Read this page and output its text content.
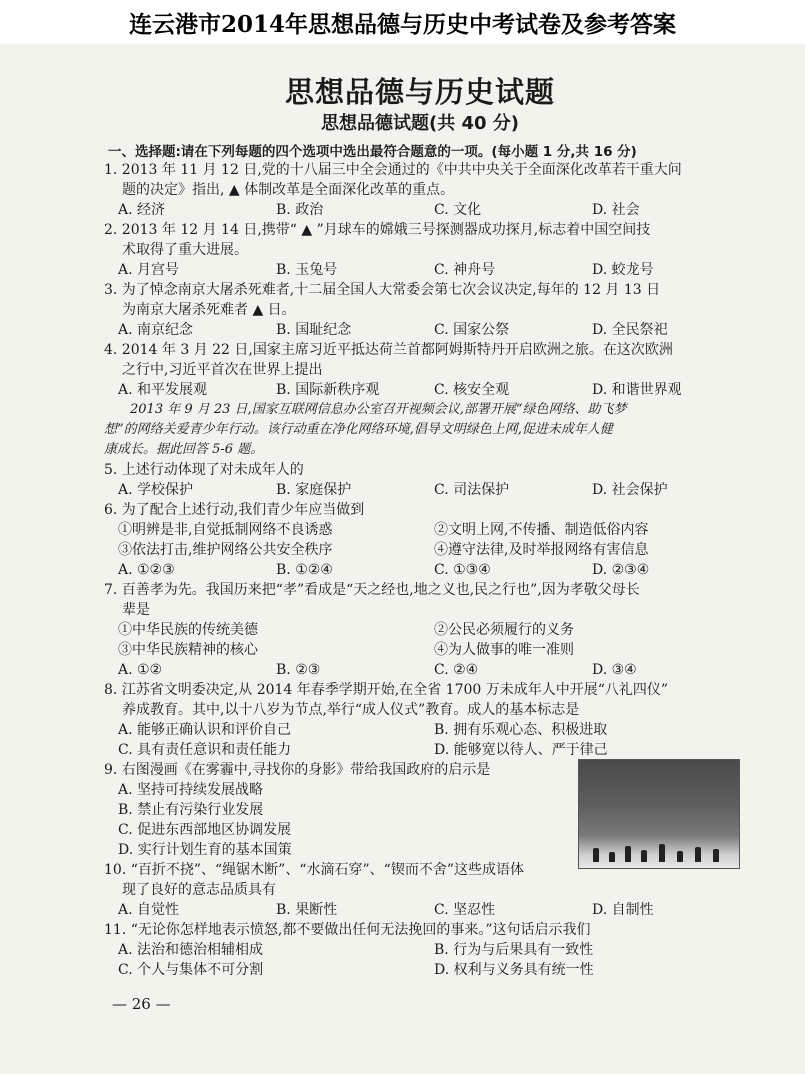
连云港市2014年思想品德与历史中考试卷及参考答案
思想品德与历史试题
思想品德试题(共 40 分)
一、选择题:请在下列每题的四个选项中选出最符合题意的一项。(每小题 1 分,共 16 分)

1. 2013 年 11 月 12 日,党的十八届三中全会通过的《中共中央关于全面深化改革若干重大问

题的决定》指出, ▲ 体制改革是全面深化改革的重点。

A. 经济	B. 政治	C. 文化	D. 社会

2. 2013 年 12 月 14 日,携带“ ▲ ”月球车的嫦娥三号探测器成功探月,标志着中国空间技

术取得了重大进展。

A. 月宫号	B. 玉兔号	C. 神舟号	D. 蛟龙号

3. 为了悼念南京大屠杀死难者,十二届全国人大常委会第七次会议决定,每年的 12 月 13 日

为南京大屠杀死难者 ▲ 日。

A. 南京纪念	B. 国耻纪念	C. 国家公祭	D. 全民祭祀

4. 2014 年 3 月 22 日,国家主席习近平抵达荷兰首都阿姆斯特丹开启欧洲之旅。在这次欧洲

之行中,习近平首次在世界上提出

A. 和平发展观	B. 国际新秩序观	C. 核安全观	D. 和谐世界观

2013 年 9 月 23 日,国家互联网信息办公室召开视频会议,部署开展“绿色网络、助飞梦

想”的网络关爱青少年行动。该行动重在净化网络环境,倡导文明绿色上网,促进未成年人健

康成长。据此回答 5-6 题。

5. 上述行动体现了对未成年人的

A. 学校保护	B. 家庭保护	C. 司法保护	D. 社会保护

6. 为了配合上述行动,我们青少年应当做到

①明辨是非,自觉抵制网络不良诱惑	②文明上网,不传播、制造低俗内容
③依法打击,维护网络公共安全秩序	④遵守法律,及时举报网络有害信息
A. ①②③	B. ①②④	C. ①③④	D. ②③④

7. 百善孝为先。我国历来把“孝”看成是“天之经也,地之义也,民之行也”,因为孝敬父母长

辈是

①中华民族的传统美德	②公民必须履行的义务
③中华民族精神的核心	④为人做事的唯一准则
A. ①②	B. ②③	C. ②④	D. ③④

8. 江苏省文明委决定,从 2014 年春季学期开始,在全省 1700 万未成年人中开展“八礼四仪”

养成教育。其中,以十八岁为节点,举行“成人仪式”教育。成人的基本标志是

A. 能够正确认识和评价自己	B. 拥有乐观心态、积极进取
C. 具有责任意识和责任能力	D. 能够宽以待人、严于律己

9. 右图漫画《在雾霾中,寻找你的身影》带给我国政府的启示是

A. 坚持可持续发展战略
B. 禁止有污染行业发展
C. 促进东西部地区协调发展
D. 实行计划生育的基本国策

10. “百折不挠”、“绳锯木断”、“水滴石穿”、“锲而不舍”这些成语体

现了良好的意志品质具有

A. 自觉性	B. 果断性	C. 坚忍性	D. 自制性

11. “无论你怎样地表示愤怒,都不要做出任何无法挽回的事来。”这句话启示我们

A. 法治和德治相辅相成	B. 行为与后果具有一致性
C. 个人与集体不可分割	D. 权利与义务具有统一性
— 26 —
